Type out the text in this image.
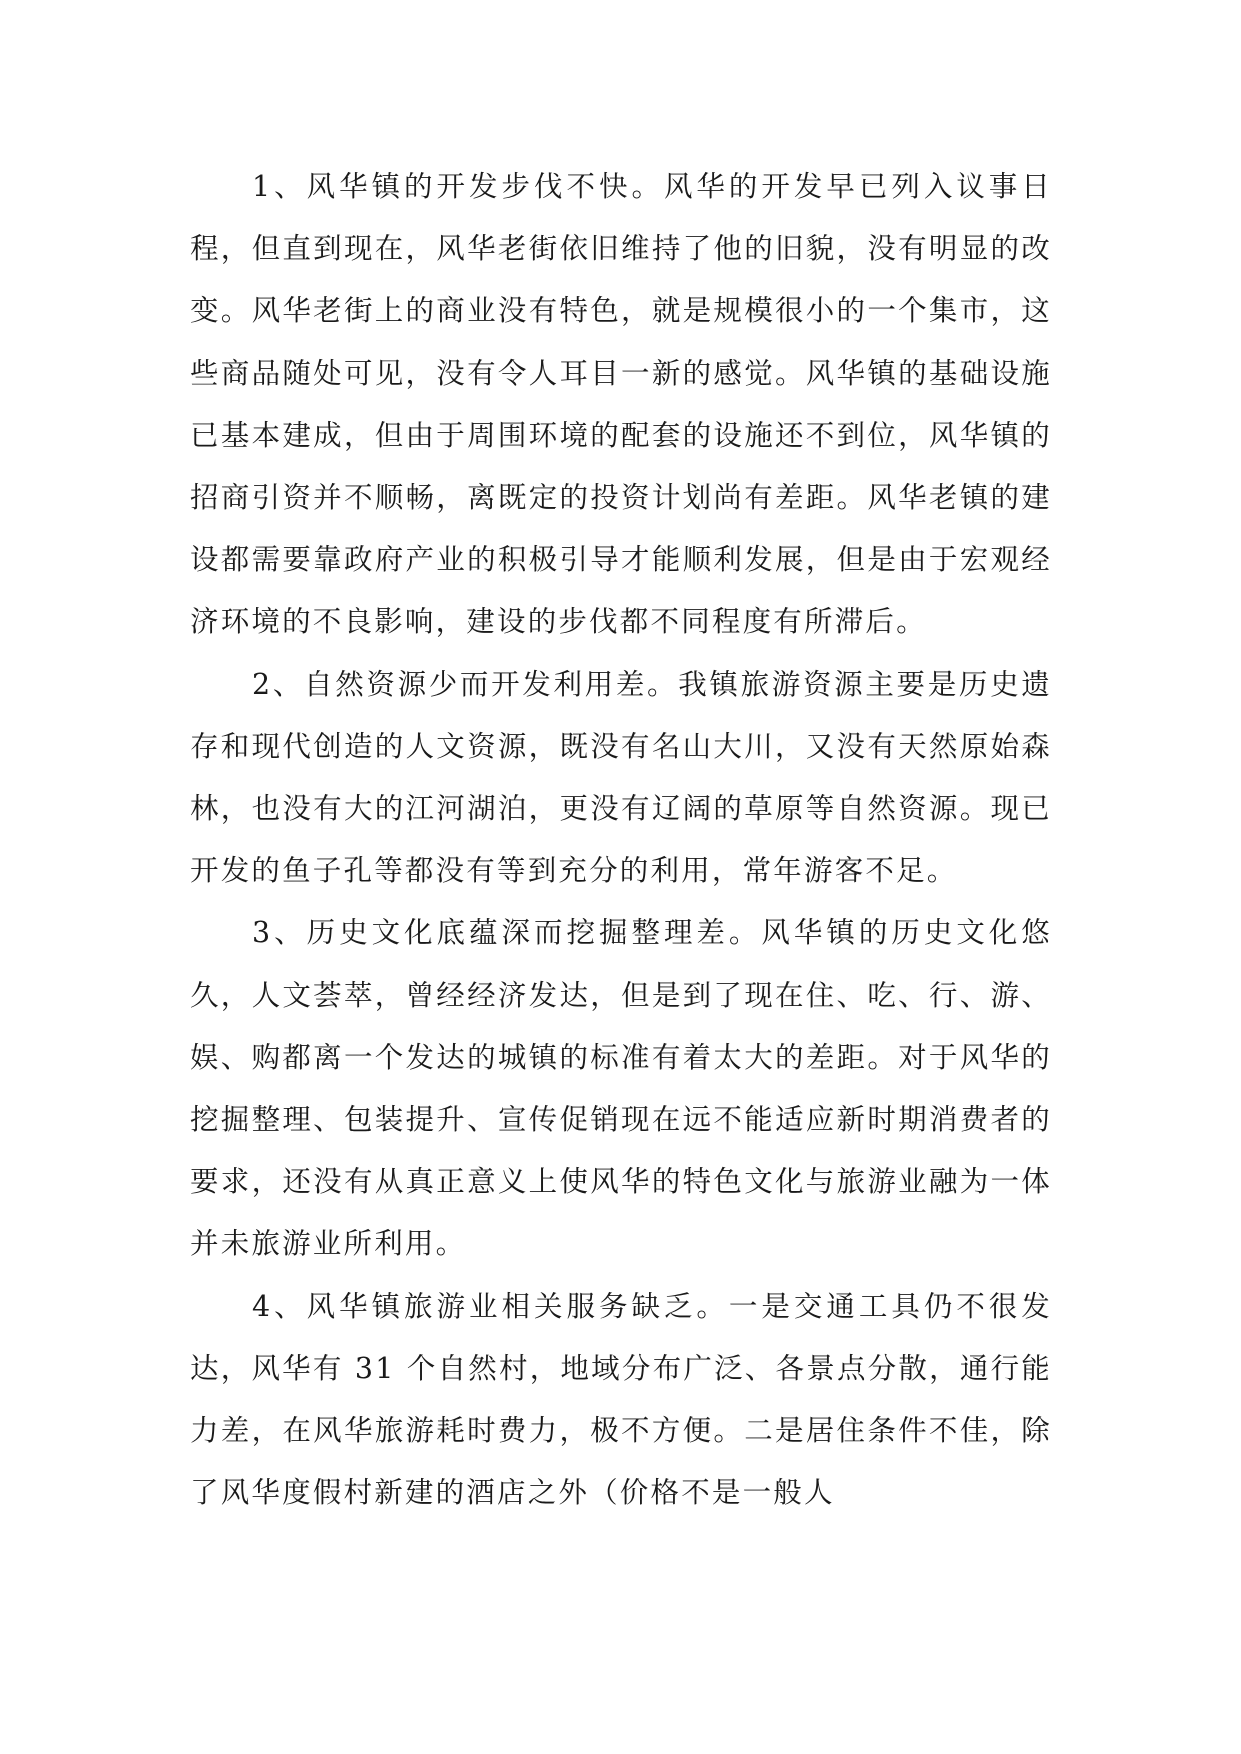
1、风华镇的开发步伐不快。风华的开发早已列入议事日程，但直到现在，风华老街依旧维持了他的旧貌，没有明显的改变。风华老街上的商业没有特色，就是规模很小的一个集市，这些商品随处可见，没有令人耳目一新的感觉。风华镇的基础设施已基本建成，但由于周围环境的配套的设施还不到位，风华镇的招商引资并不顺畅，离既定的投资计划尚有差距。风华老镇的建设都需要靠政府产业的积极引导才能顺利发展，但是由于宏观经济环境的不良影响，建设的步伐都不同程度有所滞后。

2、自然资源少而开发利用差。我镇旅游资源主要是历史遗存和现代创造的人文资源，既没有名山大川，又没有天然原始森林，也没有大的江河湖泊，更没有辽阔的草原等自然资源。现已开发的鱼子孔等都没有等到充分的利用，常年游客不足。

3、历史文化底蕴深而挖掘整理差。风华镇的历史文化悠久，人文荟萃，曾经经济发达，但是到了现在住、吃、行、游、娱、购都离一个发达的城镇的标准有着太大的差距。对于风华的挖掘整理、包装提升、宣传促销现在远不能适应新时期消费者的要求，还没有从真正意义上使风华的特色文化与旅游业融为一体并未旅游业所利用。

4、风华镇旅游业相关服务缺乏。一是交通工具仍不很发达，风华有 31 个自然村，地域分布广泛、各景点分散，通行能力差，在风华旅游耗时费力，极不方便。二是居住条件不佳，除了风华度假村新建的酒店之外（价格不是一般人
